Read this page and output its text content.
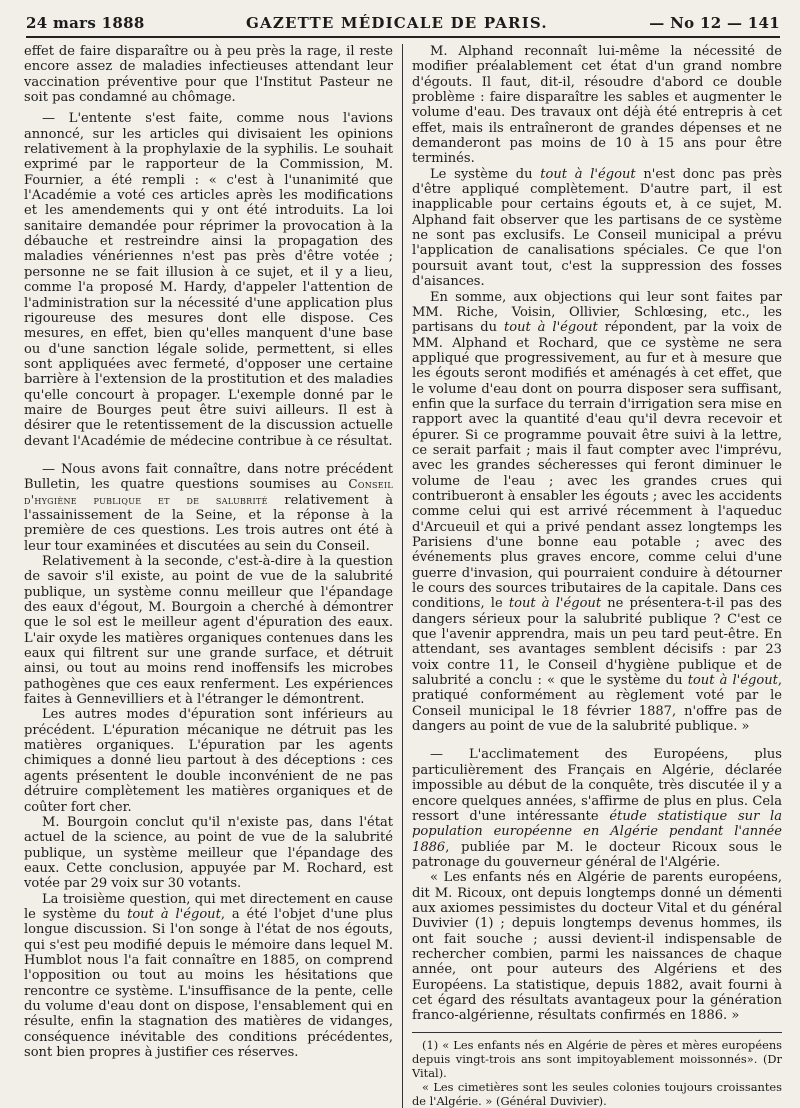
24 mars 1888	GAZETTE MÉDICALE DE PARIS.	— No 12 — 141

effet de faire disparaître ou à peu près la rage, il reste encore assez de maladies infectieuses attendant leur vaccination préventive pour que l'Institut Pasteur ne soit pas condamné au chômage.

— L'entente s'est faite, comme nous l'avions annoncé, sur les articles qui divisaient les opinions relativement à la prophylaxie de la syphilis. Le souhait exprimé par le rapporteur de la Commission, M. Fournier, a été rempli : « c'est à l'unanimité que l'Académie a voté ces articles après les modifications et les amendements qui y ont été introduits. La loi sanitaire demandée pour réprimer la provocation à la débauche et restreindre ainsi la propagation des maladies vénériennes n'est pas près d'être votée ; personne ne se fait illusion à ce sujet, et il y a lieu, comme l'a proposé M. Hardy, d'appeler l'attention de l'administration sur la nécessité d'une application plus rigoureuse des mesures dont elle dispose. Ces mesures, en effet, bien qu'elles manquent d'une base ou d'une sanction légale solide, permettent, si elles sont appliquées avec fermeté, d'opposer une certaine barrière à l'extension de la prostitution et des maladies qu'elle concourt à propager. L'exemple donné par le maire de Bourges peut être suivi ailleurs. Il est à désirer que le retentissement de la discussion actuelle devant l'Académie de médecine contribue à ce résultat.

— Nous avons fait connaître, dans notre précédent Bulletin, les quatre questions soumises au Conseil d'hygiène publique et de salubrité relativement à l'assainissement de la Seine, et la réponse à la première de ces questions. Les trois autres ont été à leur tour examinées et discutées au sein du Conseil.

Relativement à la seconde, c'est-à-dire à la question de savoir s'il existe, au point de vue de la salubrité publique, un système connu meilleur que l'épandage des eaux d'égout, M. Bourgoin a cherché à démontrer que le sol est le meilleur agent d'épuration des eaux. L'air oxyde les matières organiques contenues dans les eaux qui filtrent sur une grande surface, et détruit ainsi, ou tout au moins rend inoffensifs les microbes pathogènes que ces eaux renferment. Les expériences faites à Gennevilliers et à l'étranger le démontrent.

Les autres modes d'épuration sont inférieurs au précédent. L'épuration mécanique ne détruit pas les matières organiques. L'épuration par les agents chimiques a donné lieu partout à des déceptions : ces agents présentent le double inconvénient de ne pas détruire complètement les matières organiques et de coûter fort cher.

M. Bourgoin conclut qu'il n'existe pas, dans l'état actuel de la science, au point de vue de la salubrité publique, un système meilleur que l'épandage des eaux. Cette conclusion, appuyée par M. Rochard, est votée par 29 voix sur 30 votants.

La troisième question, qui met directement en cause le système du tout à l'égout, a été l'objet d'une plus longue discussion. Si l'on songe à l'état de nos égouts, qui s'est peu modifié depuis le mémoire dans lequel M. Humblot nous l'a fait connaître en 1885, on comprend l'opposition ou tout au moins les hésitations que rencontre ce système. L'insuffisance de la pente, celle du volume d'eau dont on dispose, l'ensablement qui en résulte, enfin la stagnation des matières de vidanges, conséquence inévitable des conditions précédentes, sont bien propres à justifier ces réserves.

M. Alphand reconnaît lui-même la nécessité de modifier préalablement cet état d'un grand nombre d'égouts. Il faut, dit-il, résoudre d'abord ce double problème : faire disparaître les sables et augmenter le volume d'eau. Des travaux ont déjà été entrepris à cet effet, mais ils entraîneront de grandes dépenses et ne demanderont pas moins de 10 à 15 ans pour être terminés.

Le système du tout à l'égout n'est donc pas près d'être appliqué complètement. D'autre part, il est inapplicable pour certains égouts et, à ce sujet, M. Alphand fait observer que les partisans de ce système ne sont pas exclusifs. Le Conseil municipal a prévu l'application de canalisations spéciales. Ce que l'on poursuit avant tout, c'est la suppression des fosses d'aisances.

En somme, aux objections qui leur sont faites par MM. Riche, Voisin, Ollivier, Schlœsing, etc., les partisans du tout à l'égout répondent, par la voix de MM. Alphand et Rochard, que ce système ne sera appliqué que progressivement, au fur et à mesure que les égouts seront modifiés et aménagés à cet effet, que le volume d'eau dont on pourra disposer sera suffisant, enfin que la surface du terrain d'irrigation sera mise en rapport avec la quantité d'eau qu'il devra recevoir et épurer. Si ce programme pouvait être suivi à la lettre, ce serait parfait ; mais il faut compter avec l'imprévu, avec les grandes sécheresses qui feront diminuer le volume de l'eau ; avec les grandes crues qui contribueront à ensabler les égouts ; avec les accidents comme celui qui est arrivé récemment à l'aqueduc d'Arcueuil et qui a privé pendant assez longtemps les Parisiens d'une bonne eau potable ; avec des événements plus graves encore, comme celui d'une guerre d'invasion, qui pourraient conduire à détourner le cours des sources tributaires de la capitale. Dans ces conditions, le tout à l'égout ne présentera-t-il pas des dangers sérieux pour la salubrité publique ? C'est ce que l'avenir apprendra, mais un peu tard peut-être. En attendant, ses avantages semblent décisifs : par 23 voix contre 11, le Conseil d'hygiène publique et de salubrité a conclu : « que le système du tout à l'égout, pratiqué conformément au règlement voté par le Conseil municipal le 18 février 1887, n'offre pas de dangers au point de vue de la salubrité publique. »

— L'acclimatement des Européens, plus particulièrement des Français en Algérie, déclarée impossible au début de la conquête, très discutée il y a encore quelques années, s'affirme de plus en plus. Cela ressort d'une intéressante étude statistique sur la population européenne en Algérie pendant l'année 1886, publiée par M. le docteur Ricoux sous le patronage du gouverneur général de l'Algérie.

« Les enfants nés en Algérie de parents européens, dit M. Ricoux, ont depuis longtemps donné un démenti aux axiomes pessimistes du docteur Vital et du général Duvivier (1) ; depuis longtemps devenus hommes, ils ont fait souche ; aussi devient-il indispensable de rechercher combien, parmi les naissances de chaque année, ont pour auteurs des Algériens et des Européens. La statistique, depuis 1882, avait fourni à cet égard des résultats avantageux pour la génération franco-algérienne, résultats confirmés en 1886. »

(1) « Les enfants nés en Algérie de pères et mères européens depuis vingt-trois ans sont impitoyablement moissonnés». (Dr Vital).

« Les cimetières sont les seules colonies toujours croissantes de l'Algérie. » (Général Duvivier).
